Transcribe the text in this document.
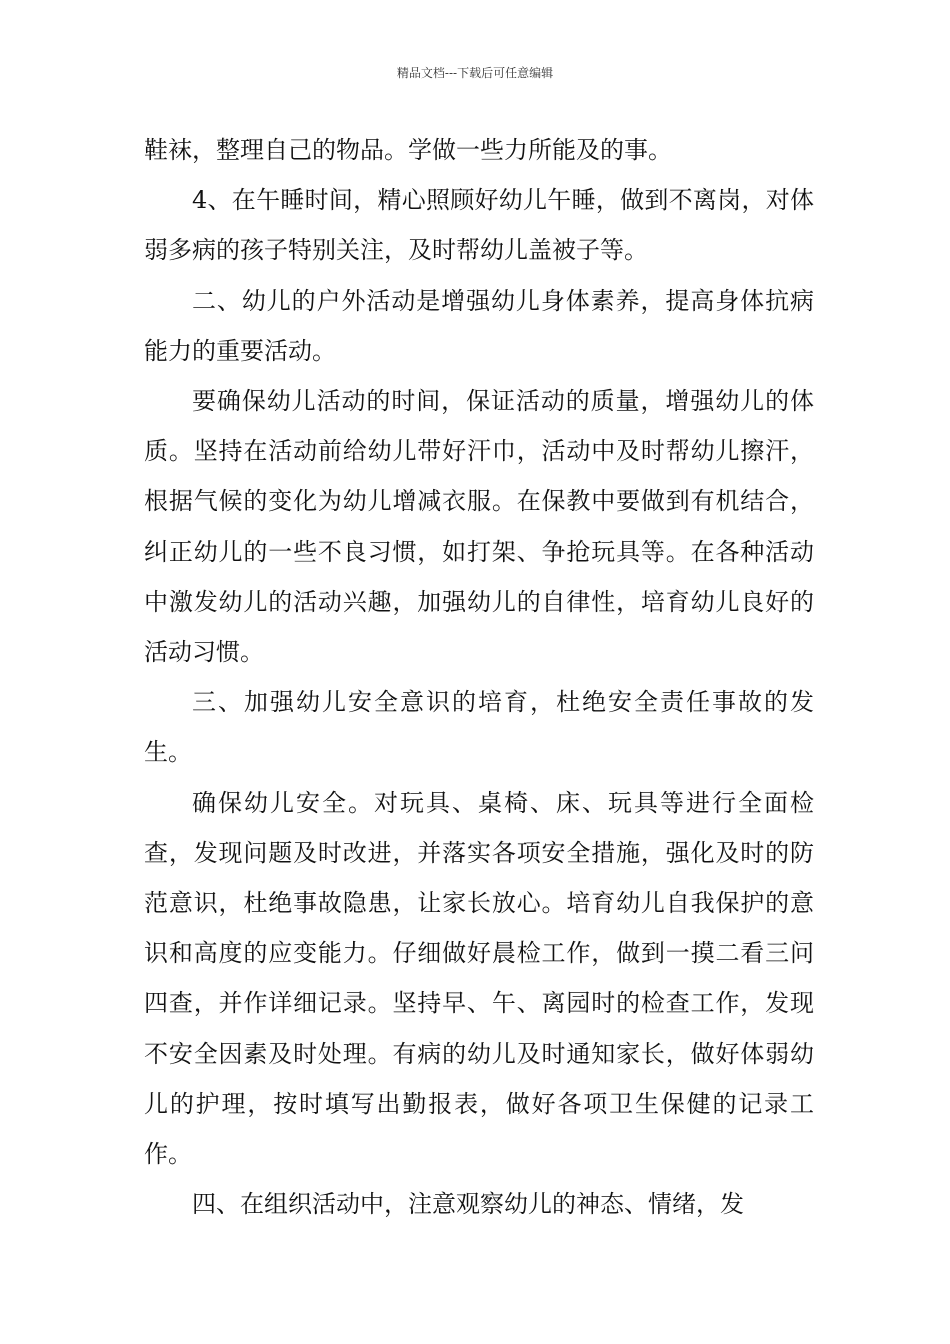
精品文档---下载后可任意编辑

鞋袜，整理自己的物品。学做一些力所能及的事。

4、在午睡时间，精心照顾好幼儿午睡，做到不离岗，对体弱多病的孩子特别关注，及时帮幼儿盖被子等。

二、幼儿的户外活动是增强幼儿身体素养，提高身体抗病能力的重要活动。

要确保幼儿活动的时间，保证活动的质量，增强幼儿的体质。坚持在活动前给幼儿带好汗巾，活动中及时帮幼儿擦汗，根据气候的变化为幼儿增减衣服。在保教中要做到有机结合，纠正幼儿的一些不良习惯，如打架、争抢玩具等。在各种活动中激发幼儿的活动兴趣，加强幼儿的自律性，培育幼儿良好的活动习惯。

三、加强幼儿安全意识的培育，杜绝安全责任事故的发生。

确保幼儿安全。对玩具、桌椅、床、玩具等进行全面检查，发现问题及时改进，并落实各项安全措施，强化及时的防范意识，杜绝事故隐患，让家长放心。培育幼儿自我保护的意识和高度的应变能力。仔细做好晨检工作，做到一摸二看三问四查，并作详细记录。坚持早、午、离园时的检查工作，发现不安全因素及时处理。有病的幼儿及时通知家长，做好体弱幼儿的护理，按时填写出勤报表，做好各项卫生保健的记录工作。

四、在组织活动中，注意观察幼儿的神态、情绪，发
